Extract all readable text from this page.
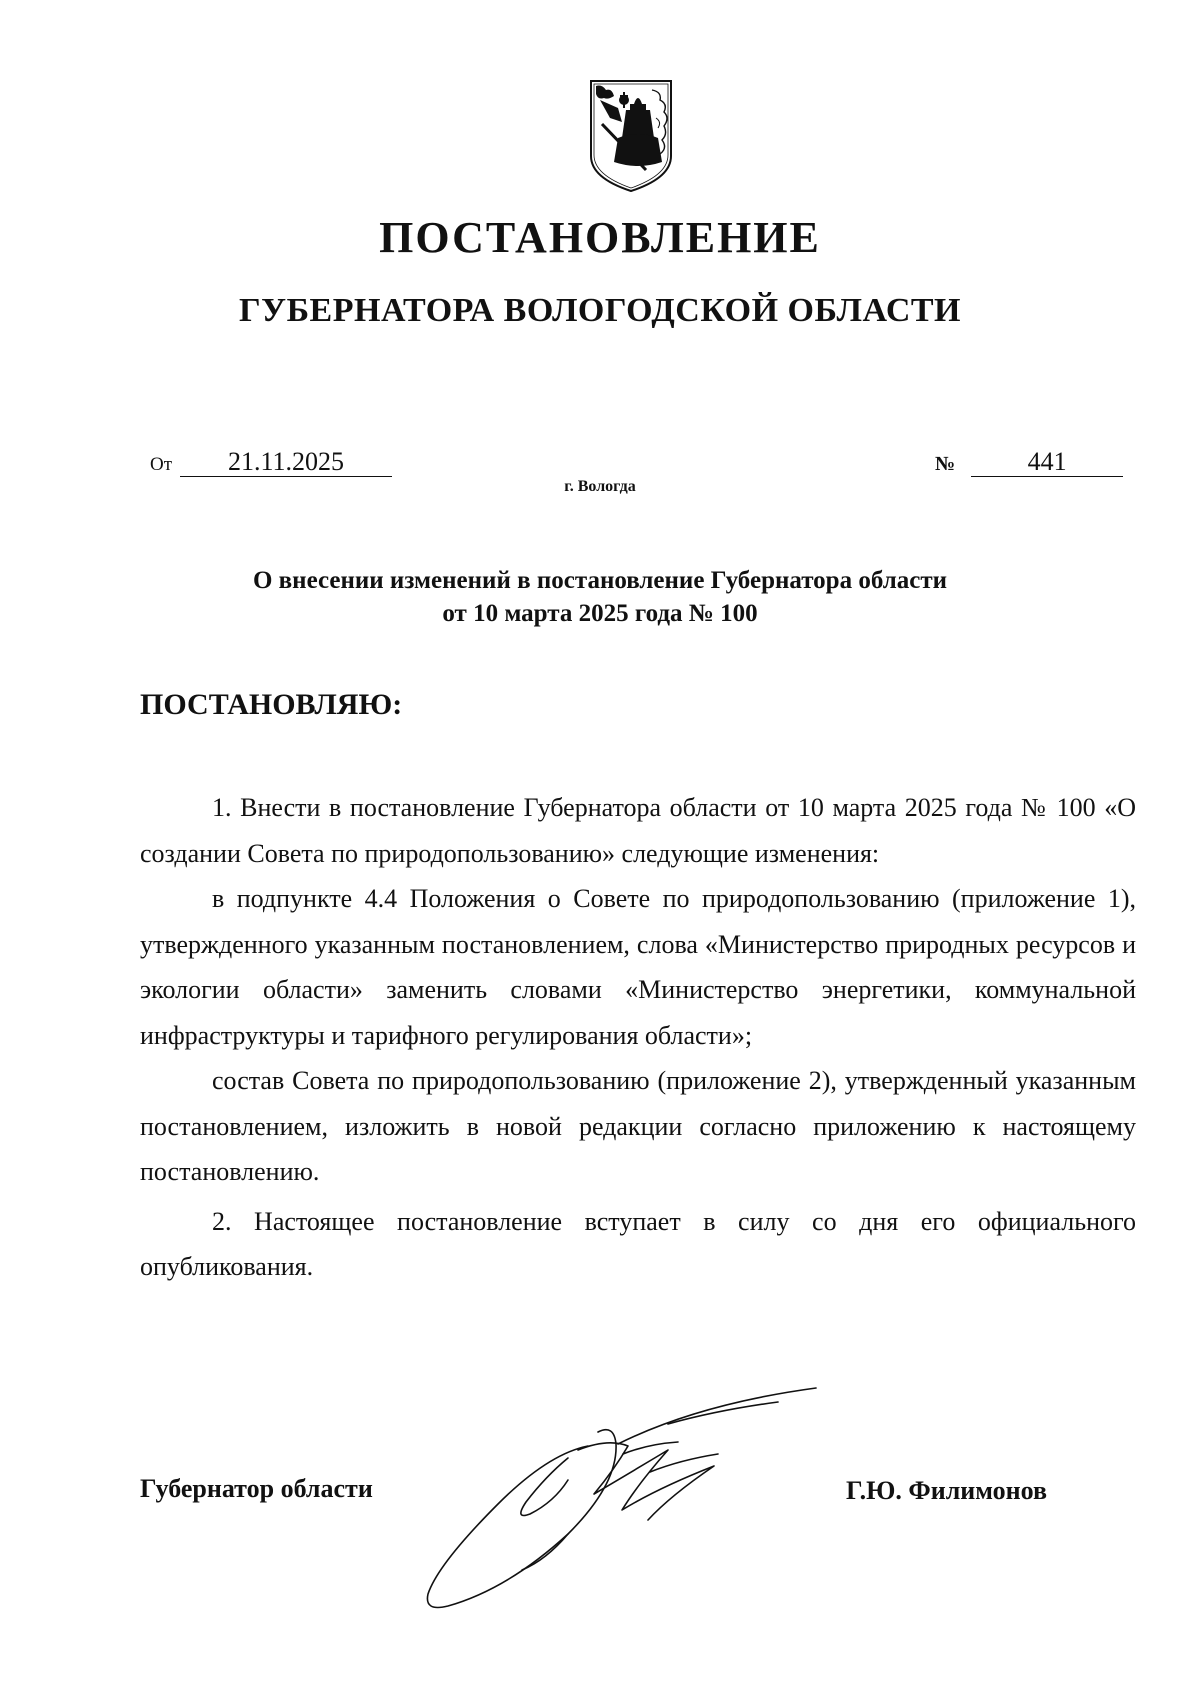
ПОСТАНОВЛЕНИЕ
ГУБЕРНАТОРА ВОЛОГОДСКОЙ ОБЛАСТИ
От 21.11.2025	№	441
г. Вологда
О внесении изменений в постановление Губернатора области
от 10 марта 2025 года № 100
ПОСТАНОВЛЯЮ:

1. Внести в постановление Губернатора области от 10 марта 2025 года № 100 «О создании Совета по природопользованию» следующие изменения:

в подпункте 4.4 Положения о Совете по природопользованию (приложение 1), утвержденного указанным постановлением, слова «Министерство природных ресурсов и экологии области» заменить словами «Министерство энергетики, коммунальной инфраструктуры и тарифного регулирования области»;

состав Совета по природопользованию (приложение 2), утвержденный указанным постановлением, изложить в новой редакции согласно приложению к настоящему постановлению.

2. Настоящее постановление вступает в силу со дня его официального опубликования.

Губернатор области	Г.Ю. Филимонов
